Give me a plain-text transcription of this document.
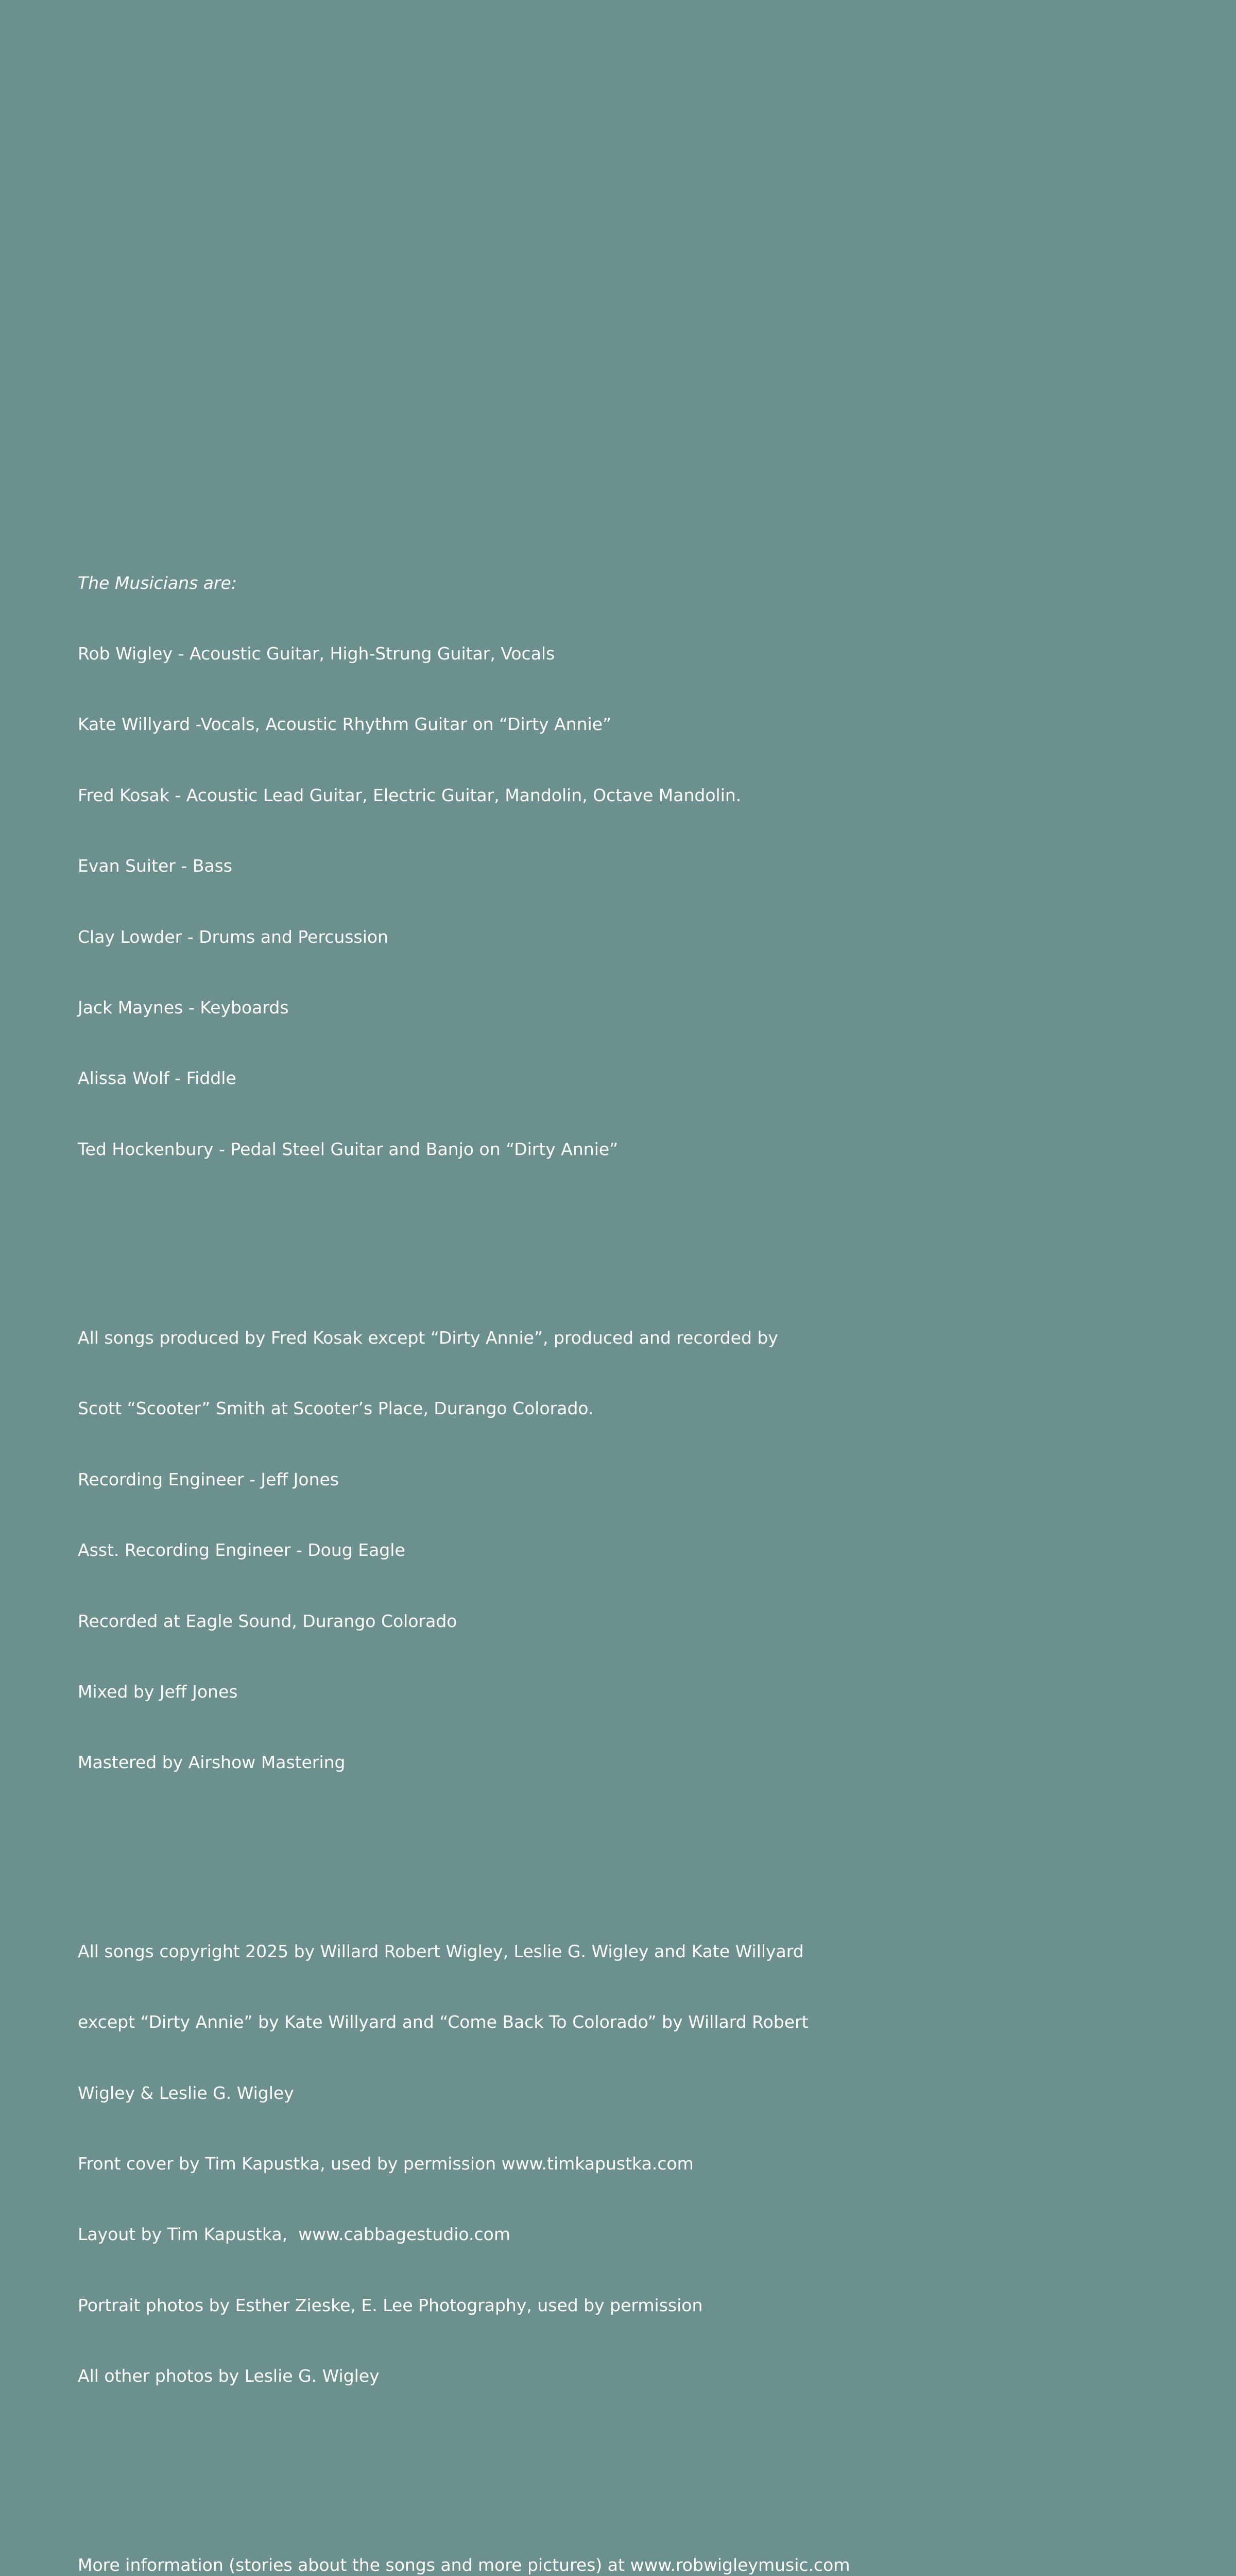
The Musicians are:

Rob Wigley - Acoustic Guitar, High-Strung Guitar, Vocals

Kate Willyard -Vocals, Acoustic Rhythm Guitar on “Dirty Annie”

Fred Kosak - Acoustic Lead Guitar, Electric Guitar, Mandolin, Octave Mandolin.

Evan Suiter - Bass

Clay Lowder - Drums and Percussion

Jack Maynes - Keyboards

Alissa Wolf - Fiddle

Ted Hockenbury - Pedal Steel Guitar and Banjo on “Dirty Annie”

All songs produced by Fred Kosak except “Dirty Annie”, produced and recorded by

Scott “Scooter” Smith at Scooter’s Place, Durango Colorado.

Recording Engineer - Jeff Jones

Asst. Recording Engineer - Doug Eagle

Recorded at Eagle Sound, Durango Colorado

Mixed by Jeff Jones

Mastered by Airshow Mastering

All songs copyright 2025 by Willard Robert Wigley, Leslie G. Wigley and Kate Willyard

except “Dirty Annie” by Kate Willyard and “Come Back To Colorado” by Willard Robert

Wigley & Leslie G. Wigley

Front cover by Tim Kapustka, used by permission www.timkapustka.com

Layout by Tim Kapustka,  www.cabbagestudio.com

Portrait photos by Esther Zieske, E. Lee Photography, used by permission

All other photos by Leslie G. Wigley

More information (stories about the songs and more pictures) at www.robwigleymusic.com
